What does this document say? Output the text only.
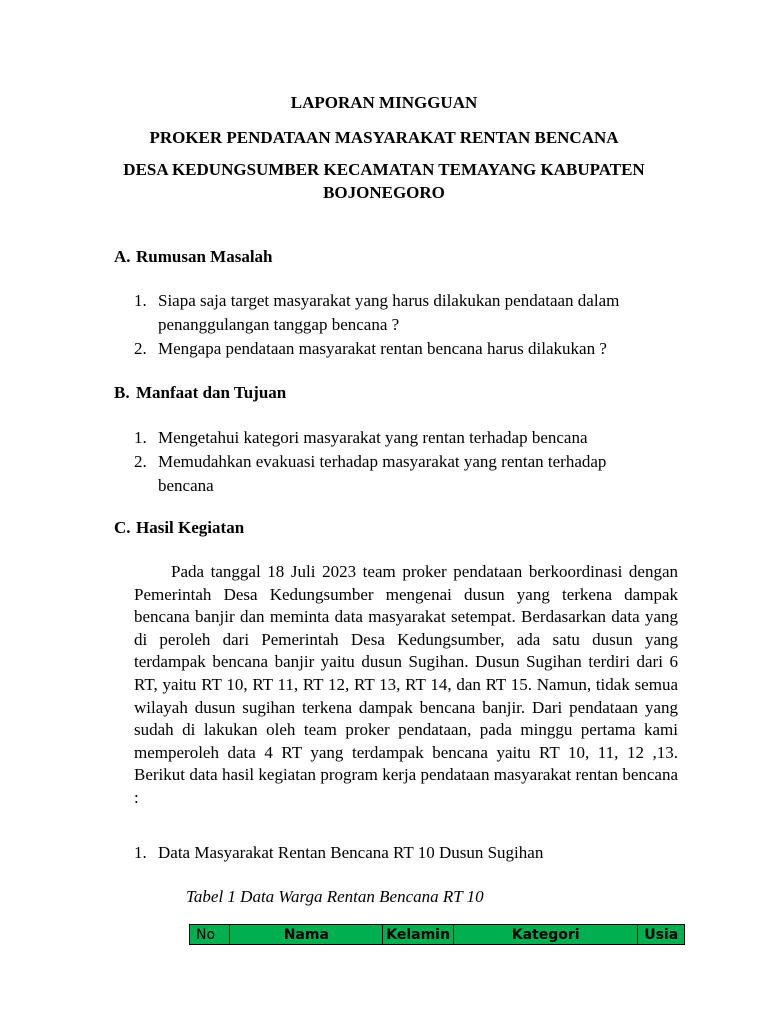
LAPORAN MINGGUAN
PROKER PENDATAAN MASYARAKAT RENTAN BENCANA
DESA KEDUNGSUMBER KECAMATAN TEMAYANG KABUPATEN
BOJONEGORO
A. Rumusan Masalah
1. Siapa saja target masyarakat yang harus dilakukan pendataan dalam penanggulangan tanggap bencana ?
2. Mengapa pendataan masyarakat rentan bencana harus dilakukan ?
B. Manfaat dan Tujuan
1. Mengetahui kategori masyarakat yang rentan terhadap bencana
2. Memudahkan evakuasi terhadap masyarakat yang rentan terhadap bencana
C. Hasil Kegiatan

Pada tanggal 18 Juli 2023 team proker pendataan berkoordinasi dengan Pemerintah Desa Kedungsumber mengenai dusun yang terkena dampak bencana banjir dan meminta data masyarakat setempat. Berdasarkan data yang di peroleh dari Pemerintah Desa Kedungsumber, ada satu dusun yang terdampak bencana banjir yaitu dusun Sugihan. Dusun Sugihan terdiri dari 6 RT, yaitu RT 10, RT 11, RT 12, RT 13, RT 14, dan RT 15. Namun, tidak semua wilayah dusun sugihan terkena dampak bencana banjir. Dari pendataan yang sudah di lakukan oleh team proker pendataan, pada minggu pertama kami memperoleh data 4 RT yang terdampak bencana yaitu RT 10, 11, 12 ,13. Berikut data hasil kegiatan program kerja pendataan masyarakat rentan bencana :

1. Data Masyarakat Rentan Bencana RT 10 Dusun Sugihan
Tabel 1 Data Warga Rentan Bencana RT 10
No	Nama	Kelamin	Kategori	Usia
